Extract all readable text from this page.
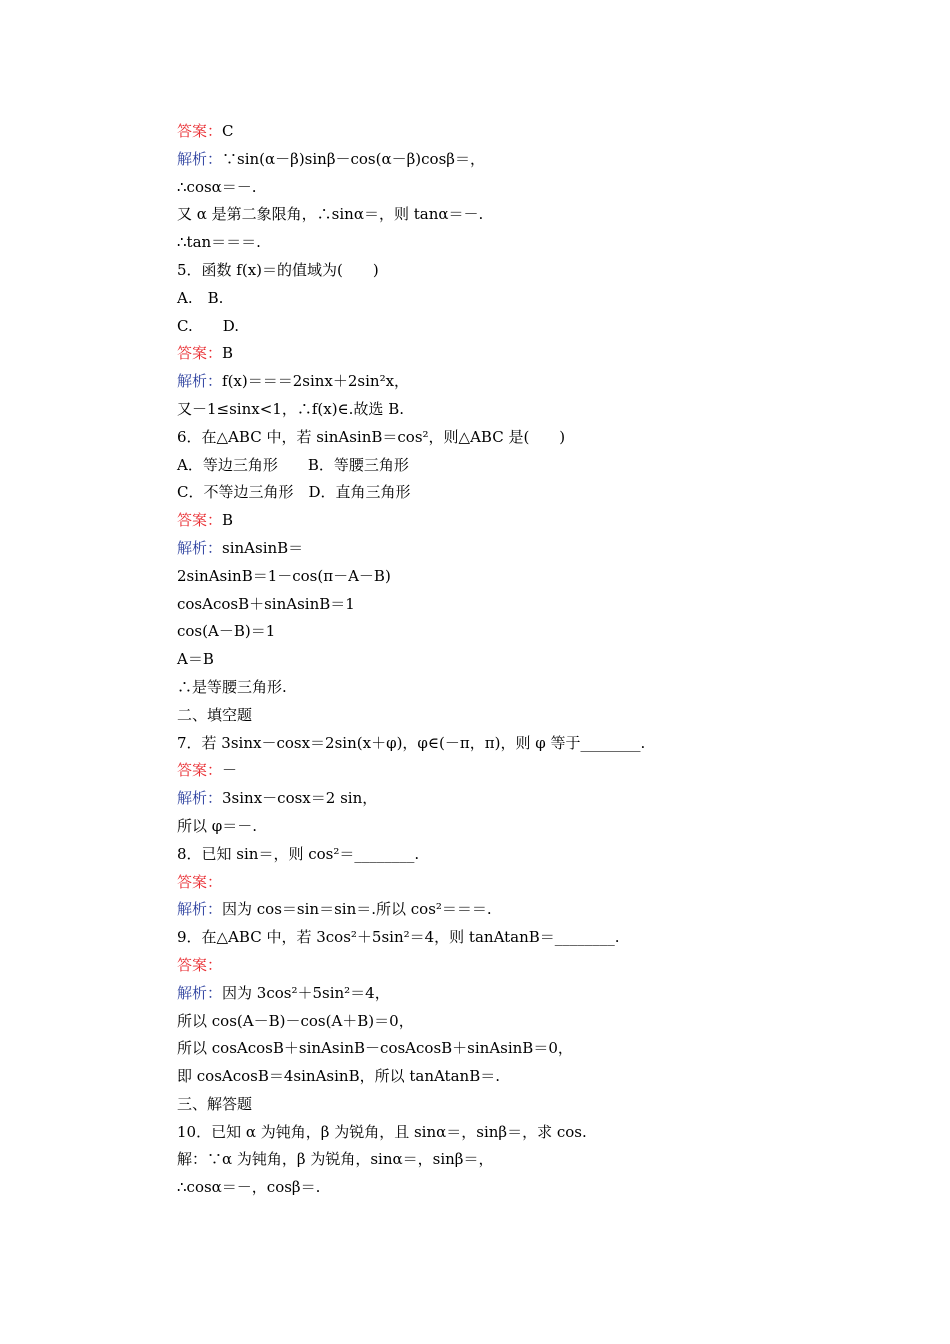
答案：C
解析：∵sin(α－β)sinβ－cos(α－β)cosβ＝，
∴cosα＝－.
又 α 是第二象限角，∴sinα＝，则 tanα＝－.
∴tan＝＝＝.
5．函数 f(x)＝的值域为(　　)
A.　B.
C.　　D.
答案：B
解析：f(x)＝＝＝2sinx＋2sin²x，
又－1≤sinx<1，∴f(x)∈.故选 B.
6．在△ABC 中，若 sinAsinB＝cos²，则△ABC 是(　　)
A．等边三角形　　B．等腰三角形
C．不等边三角形　D．直角三角形
答案：B
解析：sinAsinB＝
2sinAsinB＝1－cos(π－A－B)
cosAcosB＋sinAsinB＝1
cos(A－B)＝1
A＝B
∴是等腰三角形.
二、填空题
7．若 3sinx－cosx＝2sin(x＋φ)，φ∈(－π，π)，则 φ 等于________.
答案：－
解析：3sinx－cosx＝2 sin，
所以 φ＝－.
8．已知 sin＝，则 cos²＝________.
答案：
解析：因为 cos＝sin＝sin＝.所以 cos²＝＝＝.
9．在△ABC 中，若 3cos²＋5sin²＝4，则 tanAtanB＝________.
答案：
解析：因为 3cos²＋5sin²＝4，
所以 cos(A－B)－cos(A＋B)＝0，
所以 cosAcosB＋sinAsinB－cosAcosB＋sinAsinB＝0，
即 cosAcosB＝4sinAsinB，所以 tanAtanB＝.
三、解答题
10．已知 α 为钝角，β 为锐角，且 sinα＝，sinβ＝，求 cos.
解：∵α 为钝角，β 为锐角，sinα＝，sinβ＝，
∴cosα＝－，cosβ＝.
